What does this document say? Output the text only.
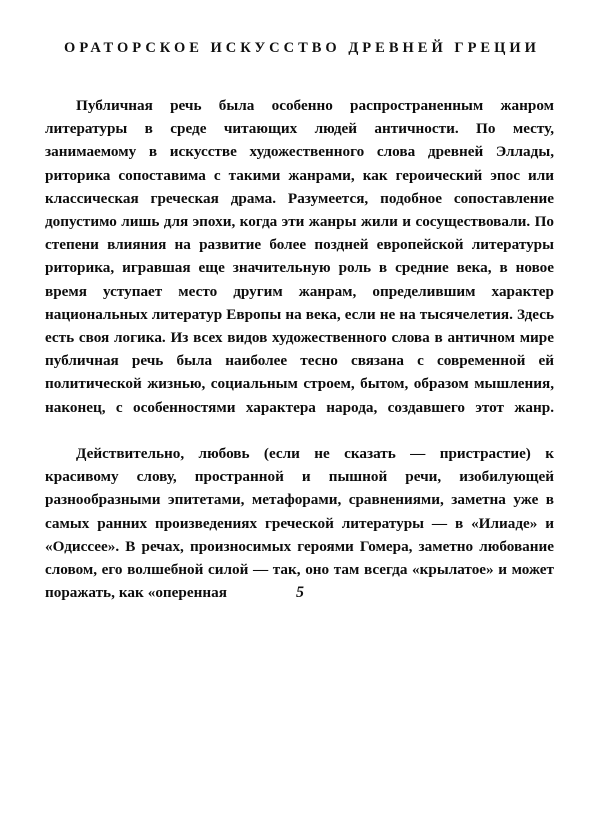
ОРАТОРСКОЕ ИСКУССТВО ДРЕВНЕЙ ГРЕЦИИ

Публичная речь была особенно распространенным жанром литературы в среде читающих людей античности. По месту, занимаемому в искусстве художественного слова древней Эллады, риторика сопоставима с такими жанрами, как героический эпос или классическая греческая драма. Разумеется, подобное сопоставление допустимо лишь для эпохи, когда эти жанры жили и сосуществовали. По степени влияния на развитие более поздней европейской литературы риторика, игравшая еще значительную роль в средние века, в новое время уступает место другим жанрам, определившим характер национальных литератур Европы на века, если не на тысячелетия. Здесь есть своя логика. Из всех видов художественного слова в античном мире публичная речь была наиболее тесно связана с современной ей политической жизнью, социальным строем, бытом, образом мышления, наконец, с особенностями характера народа, создавшего этот жанр.

Действительно, любовь (если не сказать — пристрастие) к красивому слову, пространной и пышной речи, изобилующей разнообразными эпитетами, метафорами, сравнениями, заметна уже в самых ранних произведениях греческой литературы — в «Илиаде» и «Одиссее». В речах, произносимых героями Гомера, заметно любование словом, его волшебной силой — так, оно там всегда «крылатое» и может поражать, как «оперенная	5
